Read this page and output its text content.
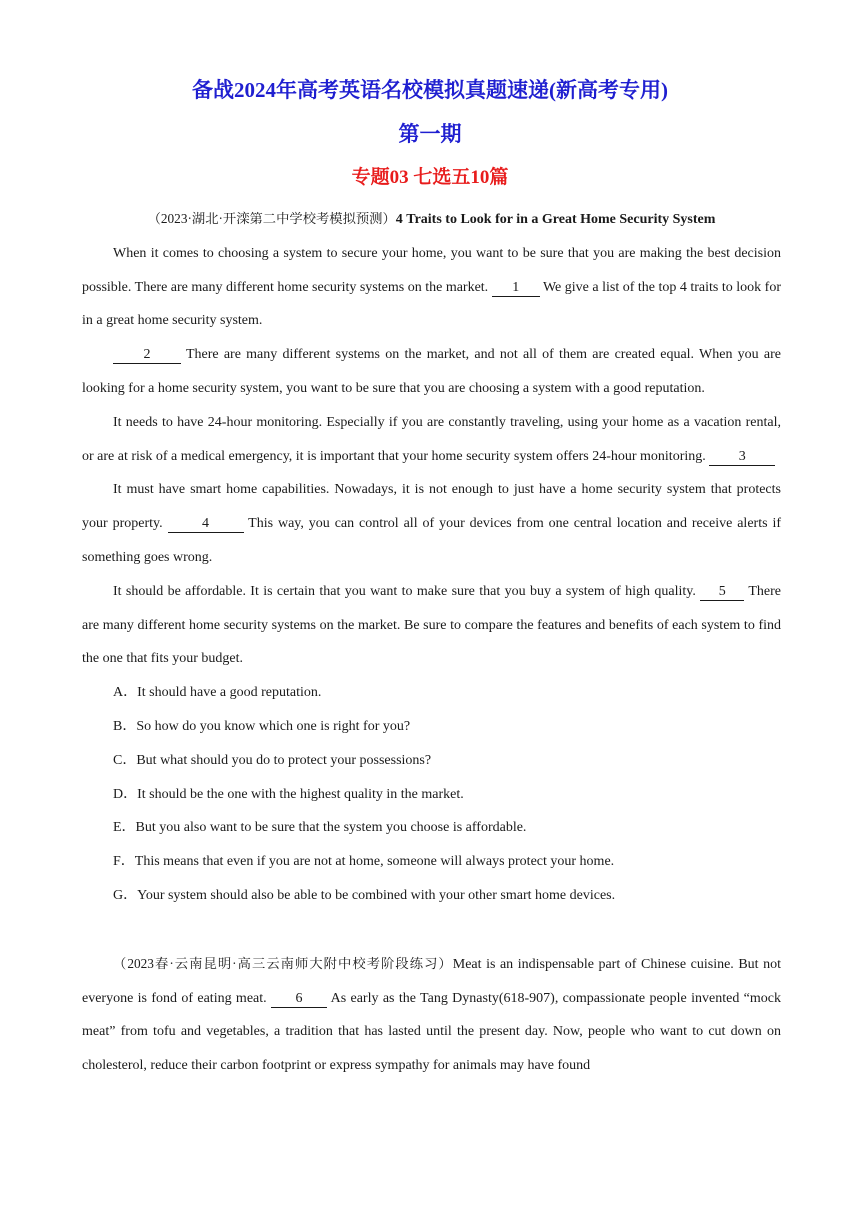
备战2024年高考英语名校模拟真题速递(新高考专用)
第一期
专题03 七选五10篇

（2023·湖北·开滦第二中学校考模拟预测）4 Traits to Look for in a Great Home Security System

When it comes to choosing a system to secure your home, you want to be sure that you are making the best decision possible. There are many different home security systems on the market. 1 We give a list of the top 4 traits to look for in a great home security system.

2 There are many different systems on the market, and not all of them are created equal. When you are looking for a home security system, you want to be sure that you are choosing a system with a good reputation.

It needs to have 24-hour monitoring. Especially if you are constantly traveling, using your home as a vacation rental, or are at risk of a medical emergency, it is important that your home security system offers 24-hour monitoring. 3

It must have smart home capabilities. Nowadays, it is not enough to just have a home security system that protects your property. 4 This way, you can control all of your devices from one central location and receive alerts if something goes wrong.

It should be affordable. It is certain that you want to make sure that you buy a system of high quality. 5 There are many different home security systems on the market. Be sure to compare the features and benefits of each system to find the one that fits your budget.

A．It should have a good reputation.

B．So how do you know which one is right for you?

C．But what should you do to protect your possessions?

D．It should be the one with the highest quality in the market.

E．But you also want to be sure that the system you choose is affordable.

F．This means that even if you are not at home, someone will always protect your home.

G．Your system should also be able to be combined with your other smart home devices.

（2023春·云南昆明·高三云南师大附中校考阶段练习）Meat is an indispensable part of Chinese cuisine. But not everyone is fond of eating meat. 6 As early as the Tang Dynasty(618-907), compassionate people invented “mock meat” from tofu and vegetables, a tradition that has lasted until the present day. Now, people who want to cut down on cholesterol, reduce their carbon footprint or express sympathy for animals may have found
